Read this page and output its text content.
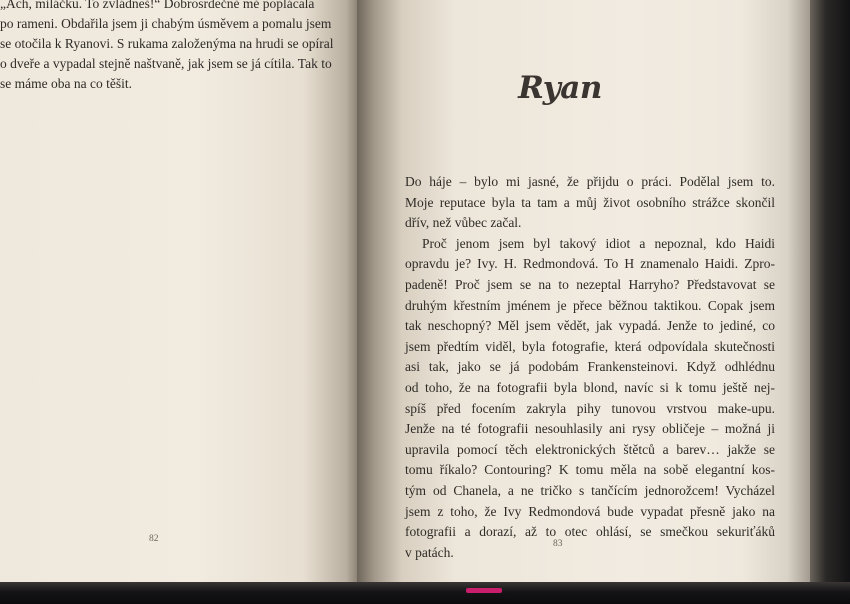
„Ach, miláčku. To zvládneš!“ Dobrosrdečně mě poplácala
po rameni. Obdařila jsem ji chabým úsměvem a pomalu jsem
se otočila k Ryanovi. S rukama založenýma na hrudi se opíral
o dveře a vypadal stejně naštvaně, jak jsem se já cítila. Tak to
se máme oba na co těšit.
82
Ryan
Do háje – bylo mi jasné, že přijdu o práci. Podělal jsem to.
Moje reputace byla ta tam a můj život osobního strážce skončil
dřív, než vůbec začal.
Proč jenom jsem byl takový idiot a nepoznal, kdo Haidi
opravdu je? Ivy. H. Redmondová. To H znamenalo Haidi. Zpro-
padeně! Proč jsem se na to nezeptal Harryho? Představovat se
druhým křestním jménem je přece běžnou taktikou. Copak jsem
tak neschopný? Měl jsem vědět, jak vypadá. Jenže to jediné, co
jsem předtím viděl, byla fotografie, která odpovídala skutečnosti
asi tak, jako se já podobám Frankensteinovi. Když odhlédnu
od toho, že na fotografii byla blond, navíc si k tomu ještě nej-
spíš před focením zakryla pihy tunovou vrstvou make-upu.
Jenže na té fotografii nesouhlasily ani rysy obličeje – možná ji
upravila pomocí těch elektronických štětců a barev… jakže se
tomu říkalo? Contouring? K tomu měla na sobě elegantní kos-
tým od Chanela, a ne tričko s tančícím jednorožcem! Vycházel
jsem z toho, že Ivy Redmondová bude vypadat přesně jako na
fotografii a dorazí, až to otec ohlásí, se smečkou sekuriťáků
v patách.
83
